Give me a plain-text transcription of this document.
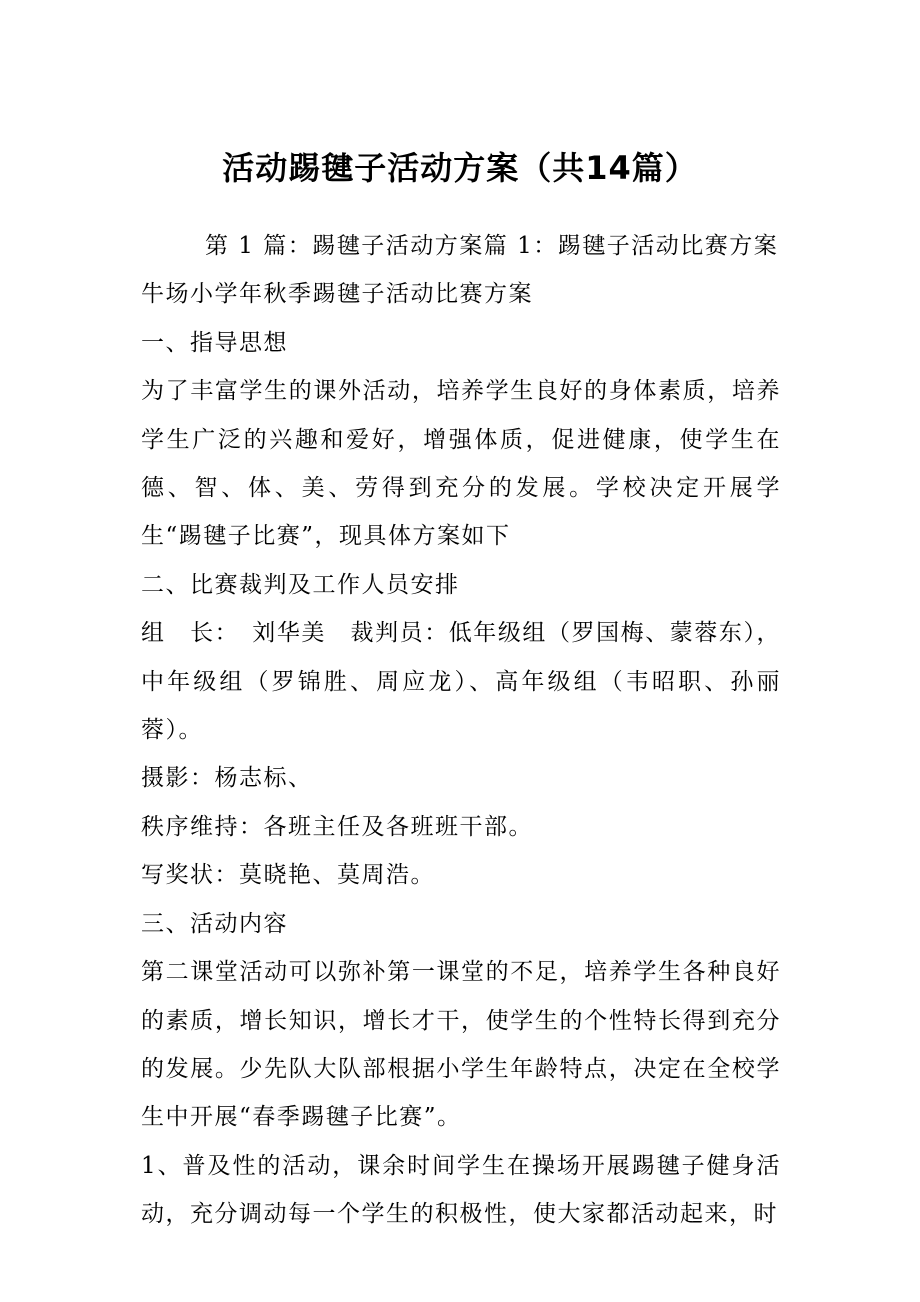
活动踢毽子活动方案（共14篇）

第 1 篇：踢毽子活动方案篇 1：踢毽子活动比赛方案

牛场小学年秋季踢毽子活动比赛方案

一、指导思想

为了丰富学生的课外活动，培养学生良好的身体素质，培养学生广泛的兴趣和爱好，增强体质，促进健康，使学生在德、智、体、美、劳得到充分的发展。学校决定开展学生“踢毽子比赛”，现具体方案如下

二、比赛裁判及工作人员安排

组　长：　刘华美　裁判员：低年级组（罗国梅、蒙蓉东），中年级组（罗锦胜、周应龙）、高年级组（韦昭职、孙丽蓉）。

摄影：杨志标、

秩序维持：各班主任及各班班干部。

写奖状：莫晓艳、莫周浩。

三、活动内容

第二课堂活动可以弥补第一课堂的不足，培养学生各种良好的素质，增长知识，增长才干，使学生的个性特长得到充分的发展。少先队大队部根据小学生年龄特点，决定在全校学生中开展“春季踢毽子比赛”。

1、普及性的活动，课余时间学生在操场开展踢毽子健身活动，充分调动每一个学生的积极性，使大家都活动起来，时
